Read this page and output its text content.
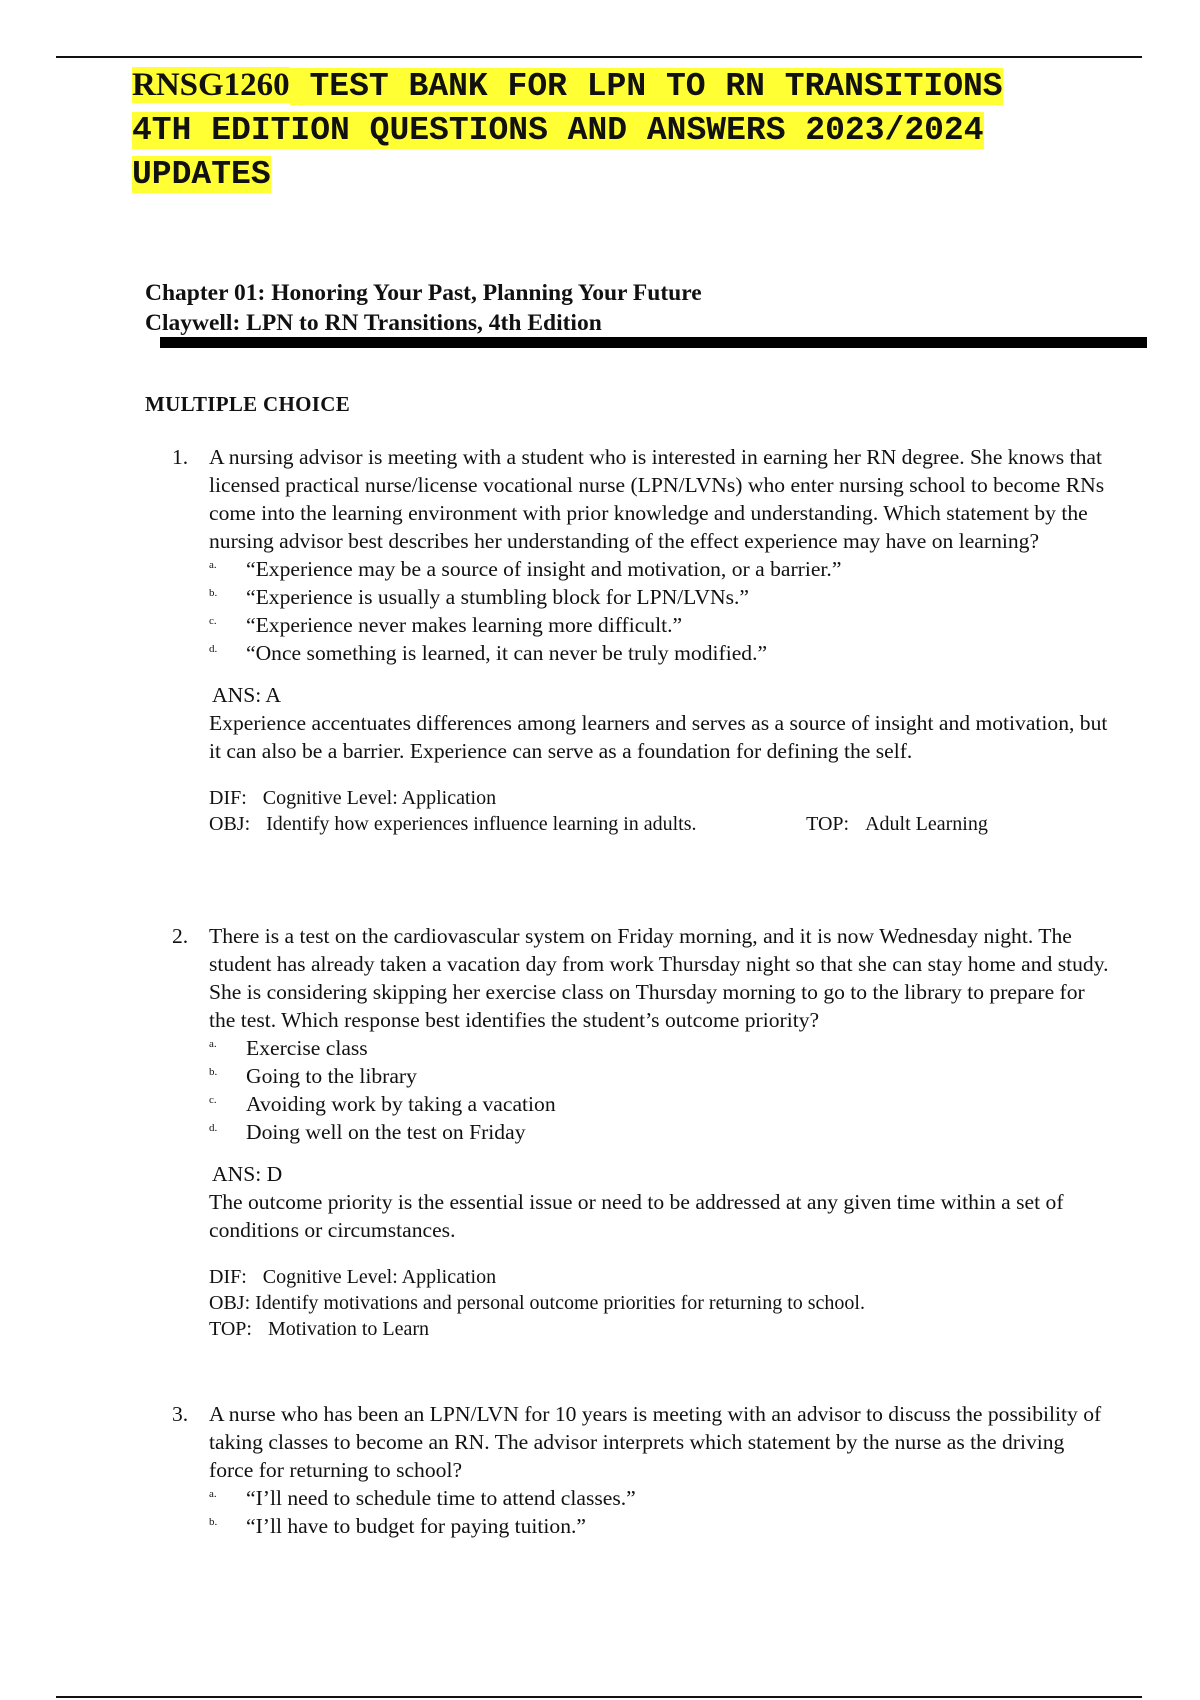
RNSG1260 TEST BANK FOR LPN TO RN TRANSITIONS
4TH EDITION QUESTIONS AND ANSWERS 2023/2024
UPDATES
Chapter 01: Honoring Your Past, Planning Your Future
Claywell: LPN to RN Transitions, 4th Edition
MULTIPLE CHOICE
1. A nursing advisor is meeting with a student who is interested in earning her RN degree. She knows that licensed practical nurse/license vocational nurse (LPN/LVNs) who enter nursing school to become RNs come into the learning environment with prior knowledge and understanding. Which statement by the nursing advisor best describes her understanding of the effect experience may have on learning?
a. “Experience may be a source of insight and motivation, or a barrier.”
b. “Experience is usually a stumbling block for LPN/LVNs.”
c. “Experience never makes learning more difficult.”
d. “Once something is learned, it can never be truly modified.”
ANS: A
Experience accentuates differences among learners and serves as a source of insight and motivation, but it can also be a barrier. Experience can serve as a foundation for defining the self.
DIF: Cognitive Level: Application
OBJ: Identify how experiences influence learning in adults.	TOP: Adult Learning
2. There is a test on the cardiovascular system on Friday morning, and it is now Wednesday night. The student has already taken a vacation day from work Thursday night so that she can stay home and study. She is considering skipping her exercise class on Thursday morning to go to the library to prepare for the test. Which response best identifies the student’s outcome priority?
a. Exercise class
b. Going to the library
c. Avoiding work by taking a vacation
d. Doing well on the test on Friday
ANS: D
The outcome priority is the essential issue or need to be addressed at any given time within a set of conditions or circumstances.
DIF: Cognitive Level: Application
OBJ: Identify motivations and personal outcome priorities for returning to school.
TOP: Motivation to Learn
3. A nurse who has been an LPN/LVN for 10 years is meeting with an advisor to discuss the possibility of taking classes to become an RN. The advisor interprets which statement by the nurse as the driving force for returning to school?
a. “I’ll need to schedule time to attend classes.”
b. “I’ll have to budget for paying tuition.”
